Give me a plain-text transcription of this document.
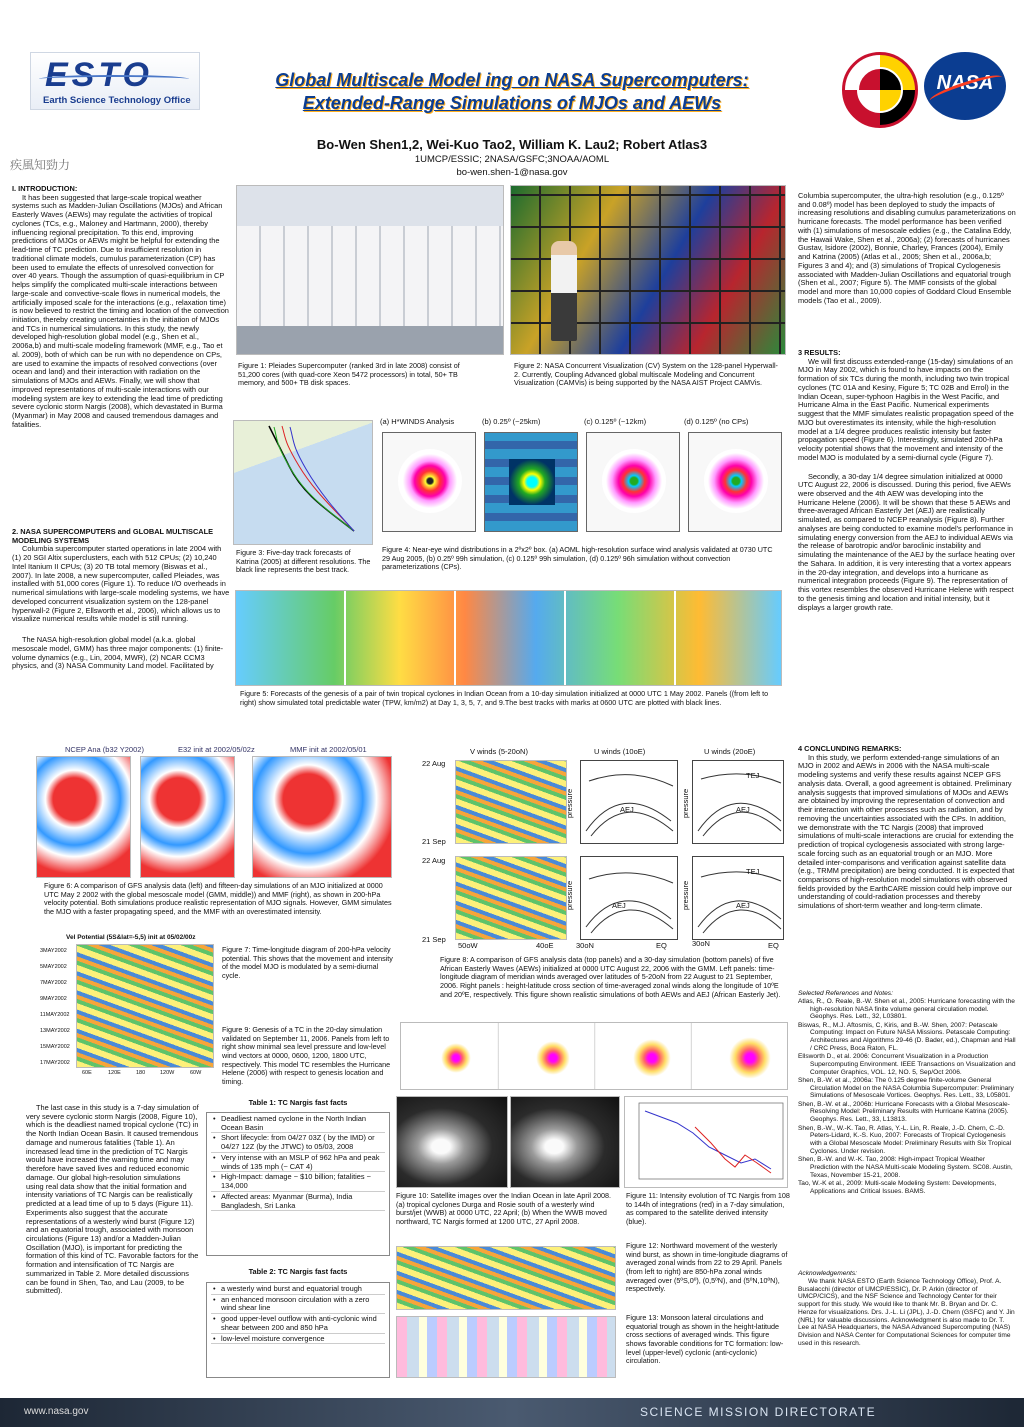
ESTO
Earth Science Technology Office
Global Multiscale Model ing on NASA Supercomputers:
Extended-Range Simulations of MJOs and AEWs
Bo-Wen Shen1,2, Wei-Kuo Tao2, William K. Lau2; Robert Atlas3
1UMCP/ESSIC; 2NASA/GSFC;3NOAA/AOML
bo-wen.shen-1@nasa.gov
疾風知勁力
NASA
I. INTRODUCTION:
It has been suggested that large-scale tropical weather systems such as Madden-Julian Oscillations (MJOs) and African Easterly Waves (AEWs) may regulate the activities of tropical cyclones (TCs, e.g., Maloney and Hartmann, 2000), thereby influencing regional precipitation. To this end, improving predictions of MJOs or AEWs might be helpful for extending the lead-time of TC prediction. Due to insufficient resolution in traditional climate models, cumulus parameterization (CP) has been used to emulate the effects of unresolved convection for over 40 years. Though the assumption of quasi-equilibrium in CP helps simplify the complicated multi-scale interactions between large-scale and convective-scale flows in numerical models, the artificially imposed scale for the interactions (e.g., relaxation time) is now believed to restrict the timing and location of the convection initiation, thereby creating uncertainties in the initiation of MJOs and TCs in numerical simulations. In this study, the newly developed high-resolution global model (e.g., Shen et al., 2006a,b) and multi-scale modeling framework (MMF, e.g., Tao et al. 2009), both of which can be run with no dependence on CPs, are used to examine the impacts of resolved convections (over ocean and land) and their interaction with radiation on the simulations of MJOs and AEWs. Finally, we will show that improved representations of multi-scale interactions with our modeling system are key to extending the lead time of predicting severe cyclonic storm Nargis (2008), which devastated in Burma (Myanmar) in May 2008 and caused tremendous damages and fatalities.
2. NASA SUPERCOMPUTERS and GLOBAL MULTISCALE MODELING SYSTEMS
Columbia supercomputer started operations in late 2004 with (1) 20 SGI Altix superclusters, each with 512 CPUs; (2) 10,240 Intel Itanium II CPUs; (3) 20 TB total memory (Biswas et al., 2007). In late 2008, a new supercomputer, called Pleiades, was installed with 51,000 cores (Figure 1). To reduce I/O overheads in numerical simulations with large-scale modeling systems, we have developed concurrent visualization system on the 128-panel hyperwall-2 (Figure 2, Ellsworth et al., 2006), which allows us to visualize numerical results while model is still running.
The NASA high-resolution global model (a.k.a. global mesoscale model, GMM) has three major components: (1) finite-volume dynamics (e.g., Lin, 2004, MWR), (2) NCAR CCM3 physics, and (3) NASA Community Land model. Facilitated by
Figure 1: Pleiades Supercomputer (ranked 3rd in late 2008) consist of 51,200 cores (with quad-core Xeon 5472 processors) in total, 50+ TB memory, and 500+ TB disk spaces.
Figure 2: NASA Concurrent Visualization (CV) System on the 128-panel Hyperwall-2. Currently, Coupling Advanced global multiscale Modeling and Concurrent Visualization (CAMVis) is being supported by the NASA AIST Project CAMVis.
Figure 3: Five-day track forecasts of Katrina (2005) at different resolutions. The black line represents the best track.
(a) H*WINDS Analysis	(b) 0.25º (~25km)	(c) 0.125º (~12km)	(d) 0.125º (no CPs)
Figure 4: Near-eye wind distributions in a 2ºx2º box. (a) AOML high-resolution surface wind analysis validated at 0730 UTC 29 Aug 2005, (b) 0.25º 99h simulation, (c) 0.125º 99h simulation, (d) 0.125º 96h simulation without convection parameterizations (CPs).
Figure 5: Forecasts of the genesis of a pair of twin tropical cyclones in Indian Ocean from a 10-day simulation initialized at 0000 UTC 1 May 2002. Panels ((from left to right) show simulated total predictable water (TPW, km/m2) at Day 1, 3, 5, 7, and 9.The best tracks with marks at 0600 UTC are plotted with black lines.
Columbia supercomputer, the ultra-high resolution (e.g., 0.125º and 0.08º) model has been deployed to study the impacts of increasing resolutions and disabling cumulus parameterizations on hurricane forecasts. The model performance has been verified with (1) simulations of mesoscale eddies (e.g., the Catalina Eddy, the Hawaii Wake, Shen et al., 2006a); (2) forecasts of hurricanes Gustav, Isidore (2002), Bonnie, Charley, Frances (2004), Emily and Katrina (2005) (Atlas et al., 2005; Shen et al., 2006a,b; Figures 3 and 4); and (3) simulations of Tropical Cyclogenesis associated with Madden-Julian Oscillations and equatorial trough (Shen et al., 2007; Figure 5). The MMF consists of the global model and more than 10,000 copies of Goddard Cloud Ensemble models (Tao et al., 2009).
3 RESULTS:
We will first discuss extended-range (15-day) simulations of an MJO in May 2002, which is found to have impacts on the formation of six TCs during the month, including two twin tropical cyclones (TC 01A and Kesiny, Figure 5; TC 02B and Errol) in the Indian Ocean, super-typhoon Hagibis in the West Pacific, and Hurricane Alma in the East Pacific. Numerical experiments suggest that the MMF simulates realistic propagation speed of the MJO but overestimates its intensity, while the high-resolution model at a 1/4 degree produces realistic intensity but faster propagation speed (Figure 6). Interestingly, simulated 200-hPa velocity potential shows that the movement and intensity of the model MJO is modulated by a semi-diurnal cycle (Figure 7).
Secondly, a 30-day 1/4 degree simulation initialized at 0000 UTC August 22, 2006 is discussed. During this period, five AEWs were observed and the 4th AEW was developing into the Hurricane Helene (2006). It will be shown that these 5 AEWs and three-averaged African Easterly Jet (AEJ) are realistically simulated, as compared to NCEP reanalysis (Figure 8). Further analyses are being conducted to examine model's performance in simulating energy conversion from the AEJ to individual AEWs via the release of barotropic and/or baroclinic instability and simulating the maintenance of the AEJ by the surface heating over the Sahara. In addition, it is very interesting that a vortex appears in the 20-day integration, and develops into a hurricane as numerical integration proceeds (Figure 9). The representation of this vortex resembles the observed Hurricane Helene with respect to the genesis timing and location and initial intensity, but it displays a larger growth rate.
4 CONCLUNDING REMARKS:
In this study, we perform extended-range simulations of an MJO in 2002 and AEWs in 2006 with the NASA multi-scale modeling systems and verify these results against NCEP GFS analysis data. Overall, a good agreement is obtained. Preliminary analysis suggests that improved simulations of MJOs and AEWs are obtained by improving the representation of convection and their interaction with other processes such as radiation, and by removing the uncertainties associated with the CPs. In addition, we demonstrate with the TC Nargis (2008) that improved simulations of multi-scale interactions are crucial for extending the prediction of tropical cyclogenesis associated with strong large-scale forcing such as an equatorial trough or an MJO. More detailed inter-comparisons and verification against satellite data (e.g., TRMM precipitation) are being conducted. It is expected that comparisons of high-resolution model simulations with observed fields provided by the EarthCARE mission could help improve our understanding of could-radiation processes and thereby simulations of short-term weather and long-term climate.
Selected References and Notes:

Atlas, R., O. Reale, B.-W. Shen et al., 2005: Hurricane forecasting with the high-resolution NASA finite volume general circulation model. Geophys. Res. Lett., 32, L03801.

Biswas, R., M.J. Aftosmis, C, Kiris, and B.-W. Shen, 2007: Petascale Computing: Impact on Future NASA Missions. Petascale Computing: Architectures and Algorithms 29-46 (D. Bader, ed.), Chapman and Hall / CRC Press, Boca Raton, FL.

Ellsworth D., et al. 2006: Concurrent Visualization in a Production Supercomputing Environment. IEEE Transactions on Visualization and Computer Graphics, VOL. 12, NO. 5, Sep/Oct 2006.

Shen, B.-W. et al., 2006a: The 0.125 degree finite-volume General Circulation Model on the NASA Columbia Supercomputer: Preliminary Simulations of Mesoscale Vortices. Geophys. Res. Lett., 33, L05801.

Shen, B.-W. et al., 2006b: Hurricane Forecasts with a Global Mesoscale-Resolving Model: Preliminary Results with Hurricane Katrina (2005). Geophys. Res. Lett., 33, L13813.

Shen, B.-W., W.-K. Tao, R. Atlas, Y.-L. Lin, R. Reale, J.-D. Chern, C.-D. Peters-Lidard, K.-S. Kuo, 2007: Forecasts of Tropical Cyclogenesis with a Global Mesoscale Model: Preliminary Results with Six Tropical Cyclones. Under revision.

Shen, B.-W. and W.-K. Tao, 2008: High-impact Tropical Weather Prediction with the NASA Multi-scale Modeling System. SC08. Austin, Texas, November 15-21, 2008.

Tao, W.-K et al., 2009: Multi-scale Modeling System: Developments, Applications and Critical Issues. BAMS.

Acknowledgements:
We thank NASA ESTO (Earth Science Technology Office), Prof. A. Busalacchi (director of UMCP/ESSIC), Dr. P. Arkin (director of UMCP/CICS), and the NSF Science and Technology Center for their support for this study. We would like to thank Mr. B. Bryan and Dr. C. Henze for visualizations. Drs. J.-L. Li (JPL), J.-D. Chern (GSFC) and Y. Jin (NRL) for valuable discussions. Acknowledgment is also made to Dr. T. Lee at NASA Headquarters, the NASA Advanced Supercomputing (NAS) Division and NASA Center for Computational Sciences for computer time used in this research.
NCEP Ana (b32 Y2002)	E32 init at 2002/05/02z	MMF init at 2002/05/01
Figure 6: A comparison of GFS analysis data (left) and fifteen-day simulations of an MJO initialized at 0000 UTC May 2 2002 with the global mesoscale model (GMM, middle)) and MMF (right), as shown in 200-hPa velocity potential. Both simulations produce realistic representation of MJO signals. However, GMM simulates the MJO with a faster propagating speed, and the MMF with an overestimated intensity.
Vel Potential (5S&lat=-5,5) init at 05/02/00z
3MAY2002
5MAY2002
7MAY2002
9MAY2002
11MAY2002
13MAY2002
15MAY2002
17MAY2002
60E	120E	180	120W	60W
Figure 7: Time-longitude diagram of 200-hPa velocity potential. This shows that the movement and intensity of the model MJO is modulated by a semi-diurnal cycle.
V winds (5-20oN)	U winds (10oE)	U winds (20oE)
22 Aug
21 Sep
22 Aug
21 Sep
pressure	pressure
pressure	pressure
AEJ	AEJ
TEJ
AEJ	AEJ
TEJ
50oW	40oE	30oN	EQ	30oN	EQ
Figure 8: A comparison of GFS analysis data (top panels) and a 30-day simulation (bottom panels) of five African Easterly Waves (AEWs) initialized at 0000 UTC August 22, 2006 with the GMM. Left panels: time-longitude diagram of meridian winds averaged over latitudes of 5-20oN from 22 August to 21 September, 2006. Right panels : height-latitude cross section of time-averaged zonal winds along the longitude of 10ºE and 20ºE, respectively. This figure shown realistic simulations of both AEWs and AEJ (African Easterly Jet).
Figure 9: Genesis of a TC in the 20-day simulation validated on September 11, 2006. Panels from left to right show minimal sea level pressure and low-level wind vectors at 0000, 0600, 1200, 1800 UTC, respectively. This model TC resembles the Hurricane Helene (2006) with respect to genesis location and timing.
The last case in this study is a 7-day simulation of very severe cyclonic storm Nargis (2008, Figure 10), which is the deadliest named tropical cyclone (TC) in the North Indian Ocean Basin. It caused tremendous damage and numerous fatalities (Table 1). An increased lead time in the prediction of TC Nargis would have increased the warning time and may therefore have saved lives and reduced economic damage. Our global high-resolution simulations using real data show that the initial formation and intensity variations of TC Nargis can be realistically predicted at a lead time of up to 5 days (Figure 11). Experiments also suggest that the accurate representations of a westerly wind burst (Figure 12) and an equatorial trough, associated with monsoon circulations (Figure 13) and/or a Madden-Julian Oscillation (MJO), is important for predicting the formation of this kind of TC. Favorable factors for the formation and intensification of TC Nargis are summarized in Table 2. More detailed discussions can be found in Shen, Tao, and Lau (2009, to be submitted).
Table 1: TC Nargis fast facts
• Deadliest named cyclone in the North Indian Ocean Basin
• Short lifecycle: from 04/27 03Z ( by the IMD) or 04/27 12Z (by the JTWC) to 05/03, 2008
• Very intense with an MSLP of 962 hPa and peak winds of 135 mph (~ CAT 4)
• High-Impact: damage ~ $10 billion; fatalities ~ 134,000
• Affected areas: Myanmar (Burma), India Bangladesh, Sri Lanka
Table 2: TC Nargis fast facts
• a westerly wind burst and equatorial trough
• an enhanced monsoon circulation with a zero wind shear line
• good upper-level outflow with anti-cyclonic wind shear between 200 and 850 hPa
• low-level moisture convergence
Figure 10: Satellite images over the Indian Ocean in late April 2008. (a) tropical cyclones Durga and Rosie south of a westerly wind burst/jet (WWB) at 0000 UTC, 22 April; (b) When the WWB moved northward, TC Nargis formed at 1200 UTC, 27 April 2008.
Figure 11: Intensity evolution of TC Nargis from 108 to 144h of integrations (red) in a 7-day simulation, as compared to the satellite derived intensity (blue).
Figure 12: Northward movement of the westerly wind burst, as shown in time-longitude diagrams of averaged zonal winds from 22 to 29 April. Panels (from left to right) are 850-hPa zonal winds averaged over (5ºS,0º), (0,5ºN), and (5ºN,10ºN), respectively.
Figure 13: Monsoon lateral circulations and equatorial trough as shown in the height-latitude cross sections of averaged winds. This figure shows favorable conditions for TC formation: low-level (upper-level) cyclonic (anti-cyclonic) circulation.
www.nasa.gov	SCIENCE MISSION DIRECTORATE
